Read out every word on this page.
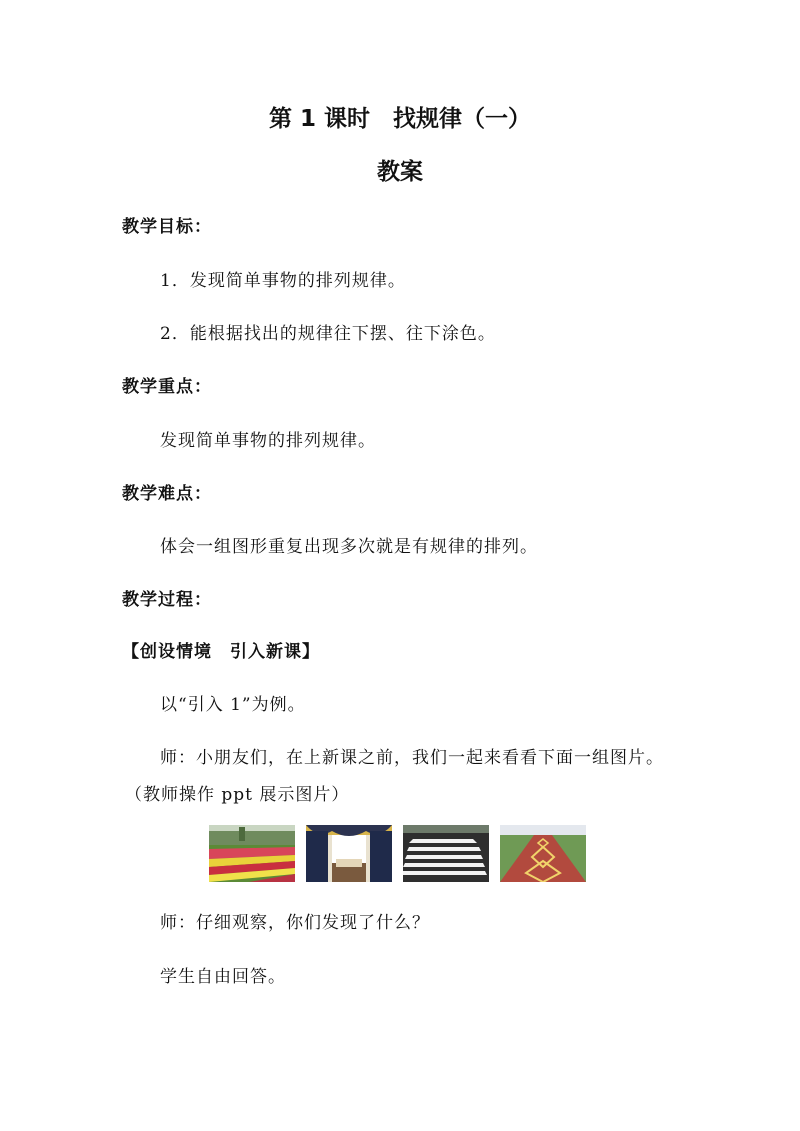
第 1 课时　找规律（一）
教案
教学目标：
1．发现简单事物的排列规律。
2．能根据找出的规律往下摆、往下涂色。
教学重点：
发现简单事物的排列规律。
教学难点：
体会一组图形重复出现多次就是有规律的排列。
教学过程：
【创设情境　引入新课】
以“引入 1”为例。
师：小朋友们，在上新课之前，我们一起来看看下面一组图片。
（教师操作 ppt 展示图片）
师：仔细观察，你们发现了什么？
学生自由回答。
